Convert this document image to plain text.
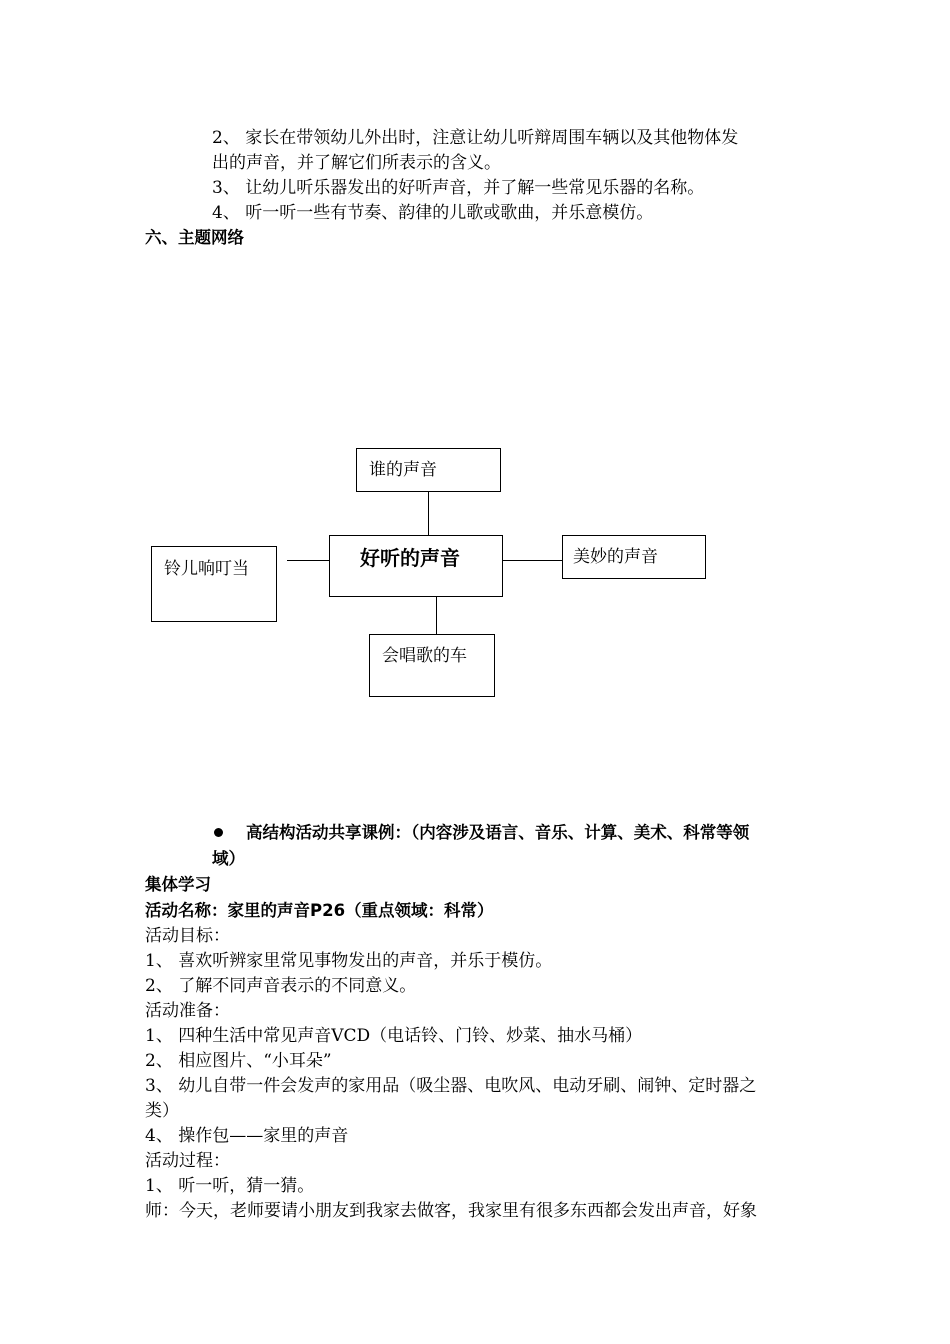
2、 家长在带领幼儿外出时，注意让幼儿听辩周围车辆以及其他物体发
出的声音，并了解它们所表示的含义。
3、 让幼儿听乐器发出的好听声音，并了解一些常见乐器的名称。
4、 听一听一些有节奏、韵律的儿歌或歌曲，并乐意模仿。
六、主题网络
谁的声音
好听的声音
铃儿响叮当
美妙的声音
会唱歌的车
高结构活动共享课例：（内容涉及语言、音乐、计算、美术、科常等领
域）
集体学习
活动名称：家里的声音P26（重点领域：科常）
活动目标：
1、 喜欢听辨家里常见事物发出的声音，并乐于模仿。
2、 了解不同声音表示的不同意义。
活动准备：
1、 四种生活中常见声音VCD（电话铃、门铃、炒菜、抽水马桶）
2、 相应图片、“小耳朵”
3、 幼儿自带一件会发声的家用品（吸尘器、电吹风、电动牙刷、闹钟、定时器之
类）
4、 操作包——家里的声音
活动过程：
1、 听一听，猜一猜。
师：今天，老师要请小朋友到我家去做客，我家里有很多东西都会发出声音，好象
